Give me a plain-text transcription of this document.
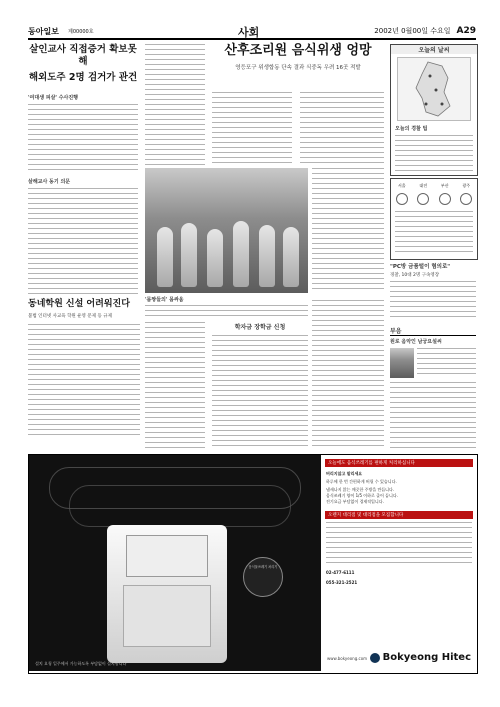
동아일보 제00000호	사회	2002년 0월00일 수요일 A29
살인교사 직접증거 확보못해
해외도주 2명 검거가 관건
'여대생 피살' 수사진행
살해교사 동기 의문
산후조리원 음식위생 엉망
영등포구 위생합동 단속 결과 식중독 우려 16곳 적발
'몸짱들의' 몸싸움
동네학원 신설 어려워진다
불법 인터넷 사교육 학원 운영 문제 등 규제
학자금 장학금 신청
오늘의 날씨
오늘의 경찰 팁
서울	대전	부산	광주
"PC방 금품털이 혐의로"
경찰, 10대 2명 구속영장
부음
원로 음악인 남궁요설씨
음식물쓰레기 처리기
설치 요청 일주에서 가능하도록 부담없이 설치합니다
오늘에도 음식쓰레기를 편하게 처리하십니다
버리지않고 말리세요
하루에 한 번 간편하게 버릴 수 있습니다.
냄새나지 않는 깨끗한 주방을 만듭니다.
음식쓰레기 양이 1/5 이하로 줄어 듭니다.
전기요금 부담없이 경제적입니다.
오렌지 대리점 및 대리점을 모집합니다
02-477-6111
055-321-2521
Bokyeong Hitec
www.bokyeong.com
